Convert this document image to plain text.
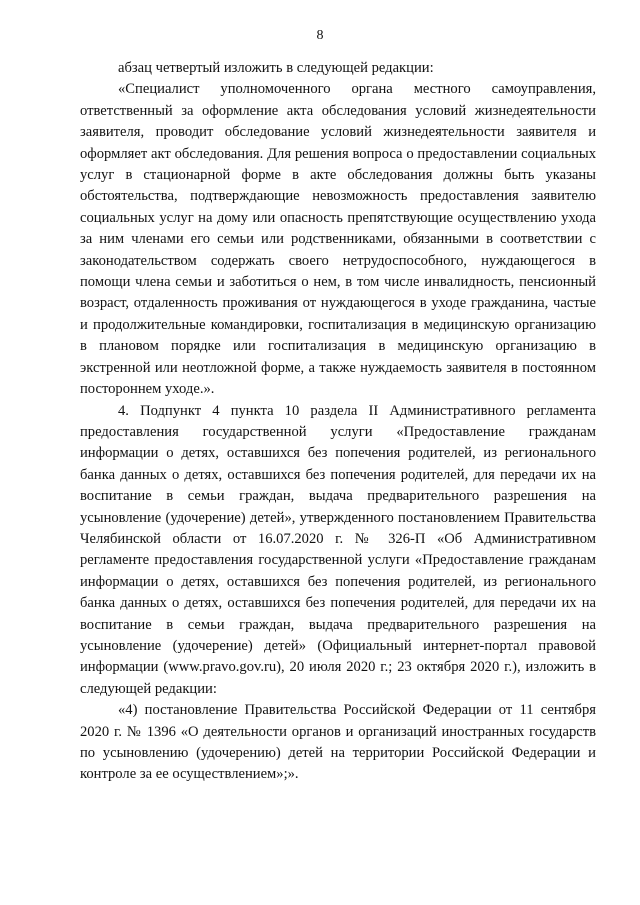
8

абзац четвертый изложить в следующей редакции:

«Специалист уполномоченного органа местного самоуправления, ответственный за оформление акта обследования условий жизнедеятельности заявителя, проводит обследование условий жизнедеятельности заявителя и оформляет акт обследования. Для решения вопроса о предоставлении социальных услуг в стационарной форме в акте обследования должны быть указаны обстоятельства, подтверждающие невозможность предоставления заявителю социальных услуг на дому или опасность препятствующие осуществлению ухода за ним членами его семьи или родственниками, обязанными в соответствии с законодательством содержать своего нетрудоспособного, нуждающегося в помощи члена семьи и заботиться о нем, в том числе инвалидность, пенсионный возраст, отдаленность проживания от нуждающегося в уходе гражданина, частые и продолжительные командировки, госпитализация в медицинскую организацию в плановом порядке или госпитализация в медицинскую организацию в экстренной или неотложной форме, а также нуждаемость заявителя в постоянном постороннем уходе.».

4. Подпункт 4 пункта 10 раздела II Административного регламента предоставления государственной услуги «Предоставление гражданам информации о детях, оставшихся без попечения родителей, из регионального банка данных о детях, оставшихся без попечения родителей, для передачи их на воспитание в семьи граждан, выдача предварительного разрешения на усыновление (удочерение) детей», утвержденного постановлением Правительства Челябинской области от 16.07.2020 г. № 326-П «Об Административном регламенте предоставления государственной услуги «Предоставление гражданам информации о детях, оставшихся без попечения родителей, из регионального банка данных о детях, оставшихся без попечения родителей, для передачи их на воспитание в семьи граждан, выдача предварительного разрешения на усыновление (удочерение) детей» (Официальный интернет-портал правовой информации (www.pravo.gov.ru), 20 июля 2020 г.; 23 октября 2020 г.), изложить в следующей редакции:

«4) постановление Правительства Российской Федерации от 11 сентября 2020 г. № 1396 «О деятельности органов и организаций иностранных государств по усыновлению (удочерению) детей на территории Российской Федерации и контроле за ее осуществлением»;».
